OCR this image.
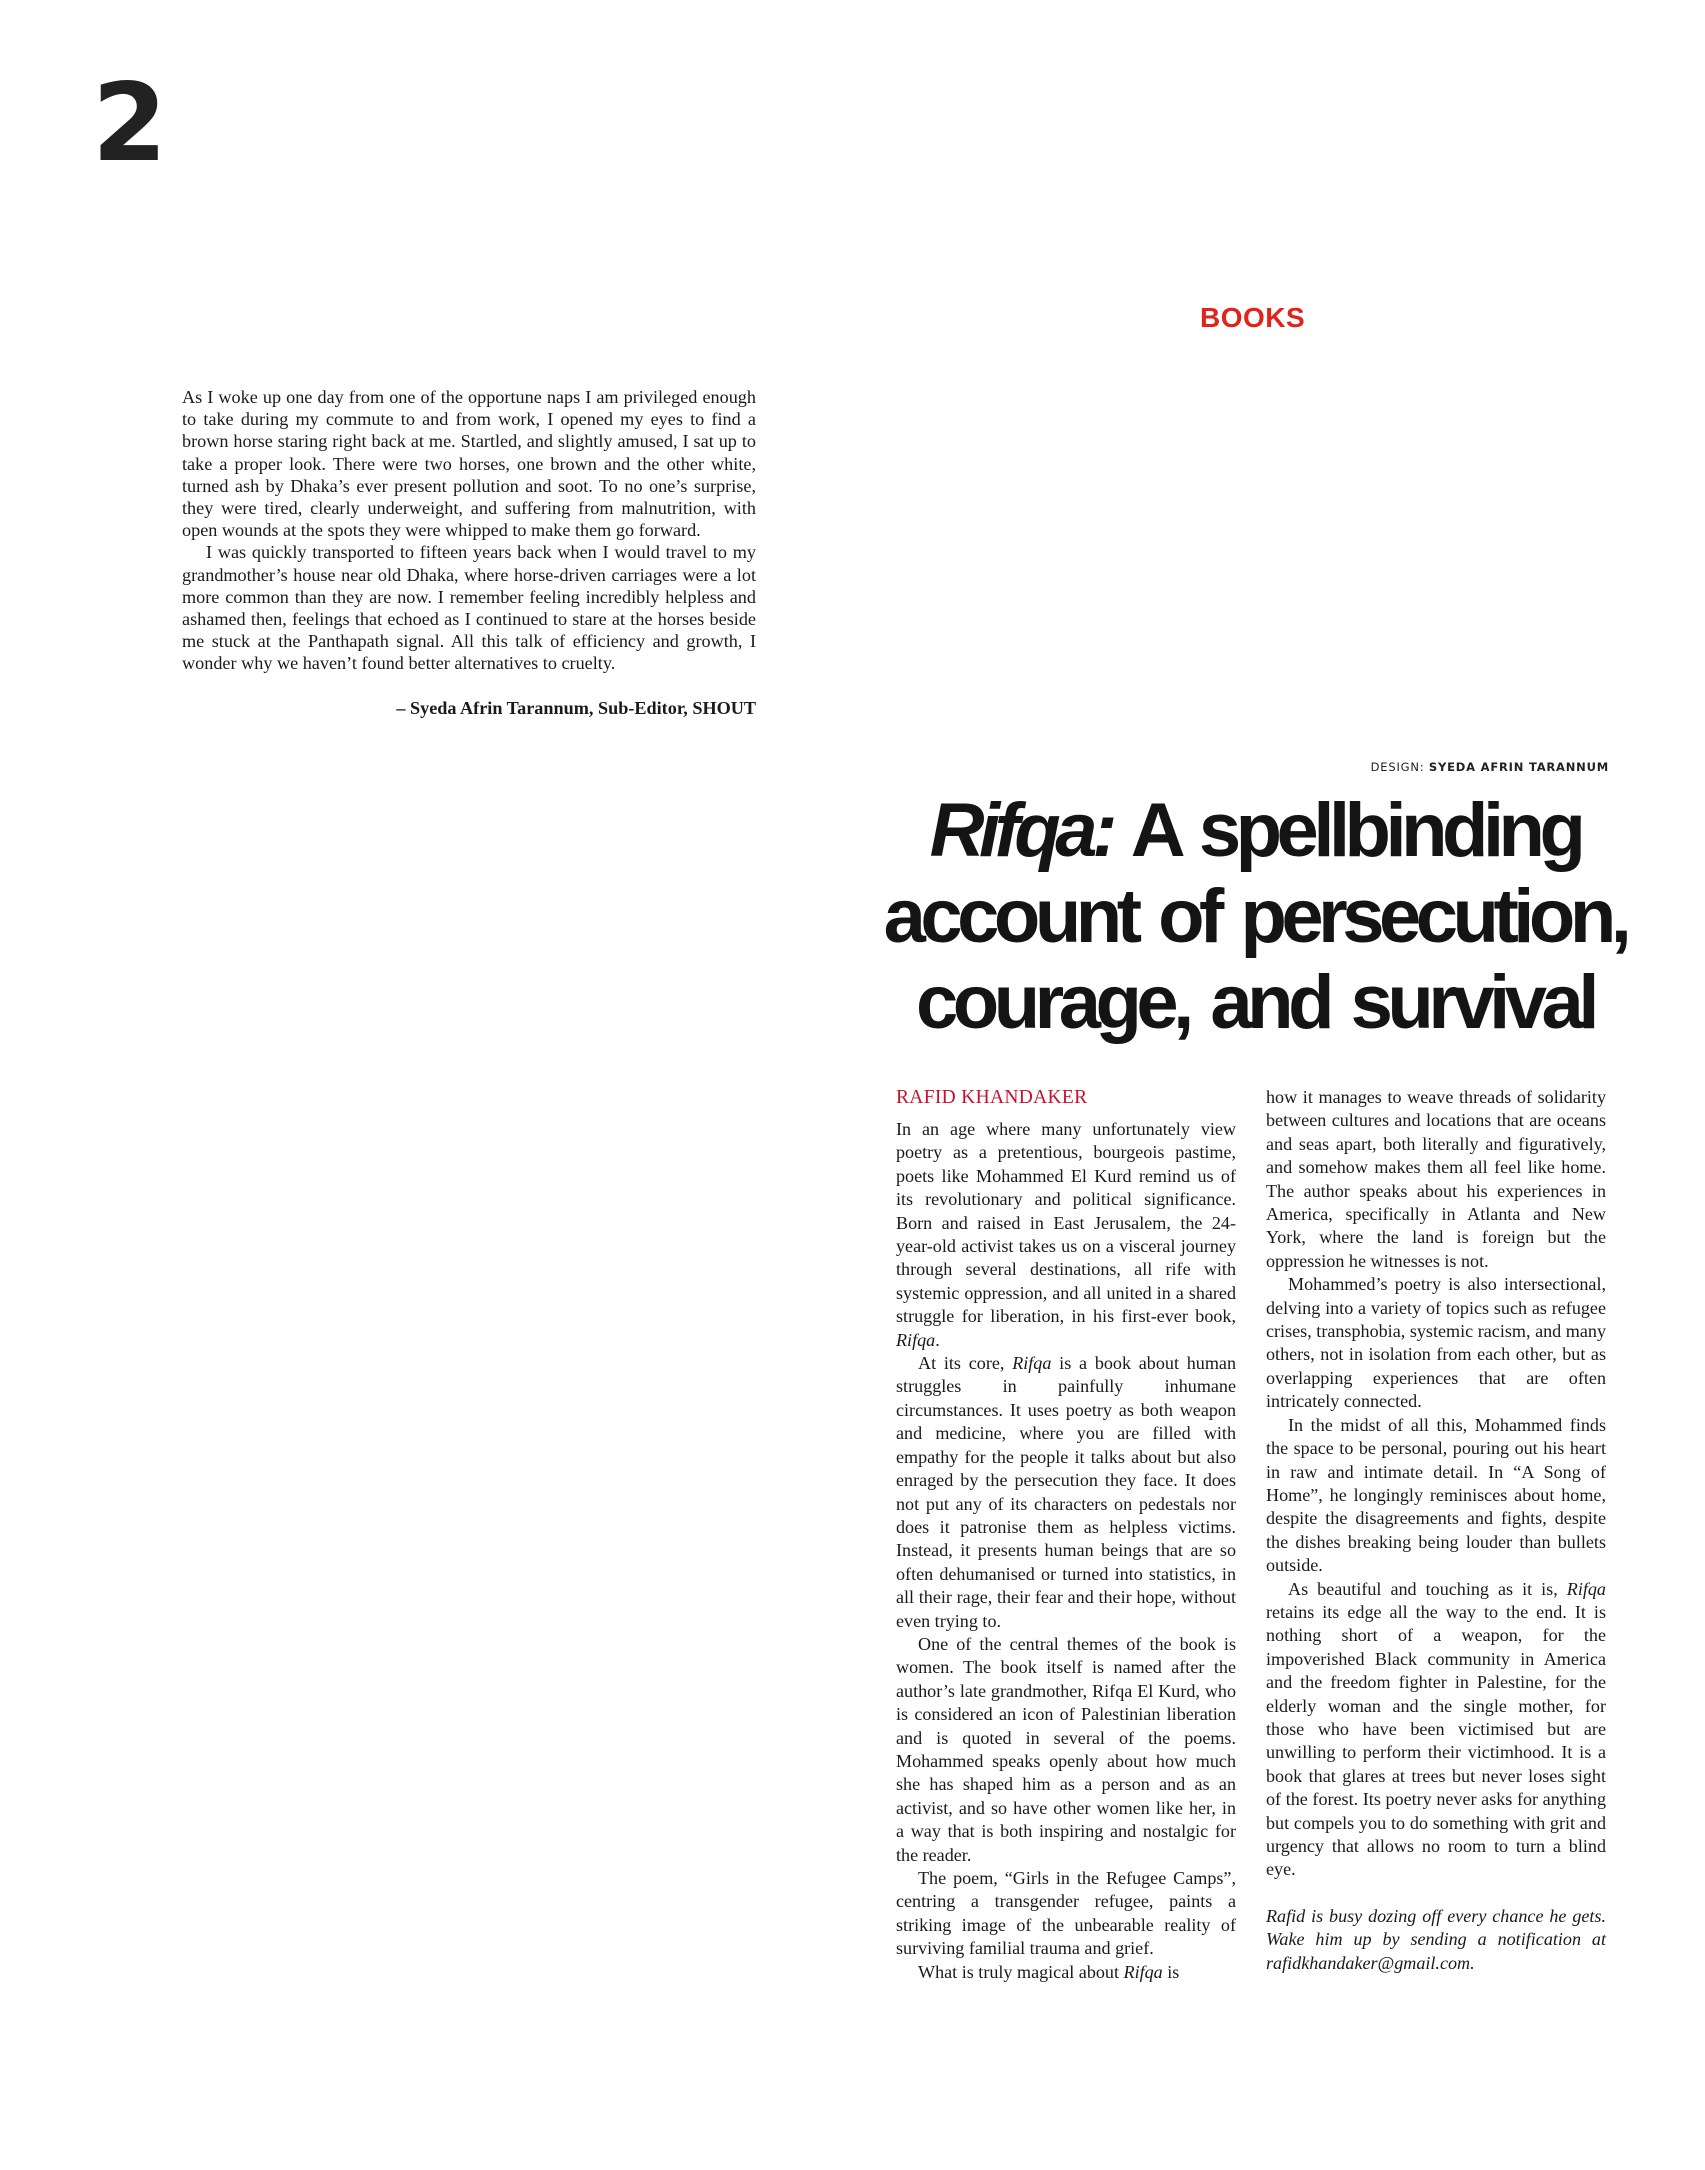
2
BOOKS

As I woke up one day from one of the opportune naps I am privileged enough to take during my commute to and from work, I opened my eyes to find a brown horse staring right back at me. Startled, and slightly amused, I sat up to take a proper look. There were two horses, one brown and the other white, turned ash by Dhaka’s ever present pollution and soot. To no one’s surprise, they were tired, clearly underweight, and suffering from malnutrition, with open wounds at the spots they were whipped to make them go forward.

I was quickly transported to fifteen years back when I would travel to my grandmother’s house near old Dhaka, where horse-driven carriages were a lot more common than they are now. I remember feeling incredibly helpless and ashamed then, feelings that echoed as I continued to stare at the horses beside me stuck at the Panthapath signal. All this talk of efficiency and growth, I wonder why we haven’t found better alternatives to cruelty.

– Syeda Afrin Tarannum, Sub-Editor, SHOUT

DESIGN: SYEDA AFRIN TARANNUM
Rifqa: A spellbinding
account of persecution,
courage, and survival
RAFID KHANDAKER

In an age where many unfortunately view poetry as a pretentious, bourgeois pastime, poets like Mohammed El Kurd remind us of its revolutionary and political significance. Born and raised in East Jerusalem, the 24-year-old activist takes us on a visceral journey through several destinations, all rife with systemic oppression, and all united in a shared struggle for liberation, in his first-ever book, Rifqa.

At its core, Rifqa is a book about human struggles in painfully inhumane circumstances. It uses poetry as both weapon and medicine, where you are filled with empathy for the people it talks about but also enraged by the persecution they face. It does not put any of its characters on pedestals nor does it patronise them as helpless victims. Instead, it presents human beings that are so often dehumanised or turned into statistics, in all their rage, their fear and their hope, without even trying to.

One of the central themes of the book is women. The book itself is named after the author’s late grandmother, Rifqa El Kurd, who is considered an icon of Palestinian liberation and is quoted in several of the poems. Mohammed speaks openly about how much she has shaped him as a person and as an activist, and so have other women like her, in a way that is both inspiring and nostalgic for the reader.

The poem, “Girls in the Refugee Camps”, centring a transgender refugee, paints a striking image of the unbearable reality of surviving familial trauma and grief.

What is truly magical about Rifqa is

how it manages to weave threads of solidarity between cultures and locations that are oceans and seas apart, both literally and figuratively, and somehow makes them all feel like home. The author speaks about his experiences in America, specifically in Atlanta and New York, where the land is foreign but the oppression he witnesses is not.

Mohammed’s poetry is also intersectional, delving into a variety of topics such as refugee crises, transphobia, systemic racism, and many others, not in isolation from each other, but as overlapping experiences that are often intricately connected.

In the midst of all this, Mohammed finds the space to be personal, pouring out his heart in raw and intimate detail. In “A Song of Home”, he longingly reminisces about home, despite the disagreements and fights, despite the dishes breaking being louder than bullets outside.

As beautiful and touching as it is, Rifqa retains its edge all the way to the end. It is nothing short of a weapon, for the impoverished Black community in America and the freedom fighter in Palestine, for the elderly woman and the single mother, for those who have been victimised but are unwilling to perform their victimhood. It is a book that glares at trees but never loses sight of the forest. Its poetry never asks for anything but compels you to do something with grit and urgency that allows no room to turn a blind eye.

Rafid is busy dozing off every chance he gets. Wake him up by sending a notification at rafidkhandaker@gmail.com.
